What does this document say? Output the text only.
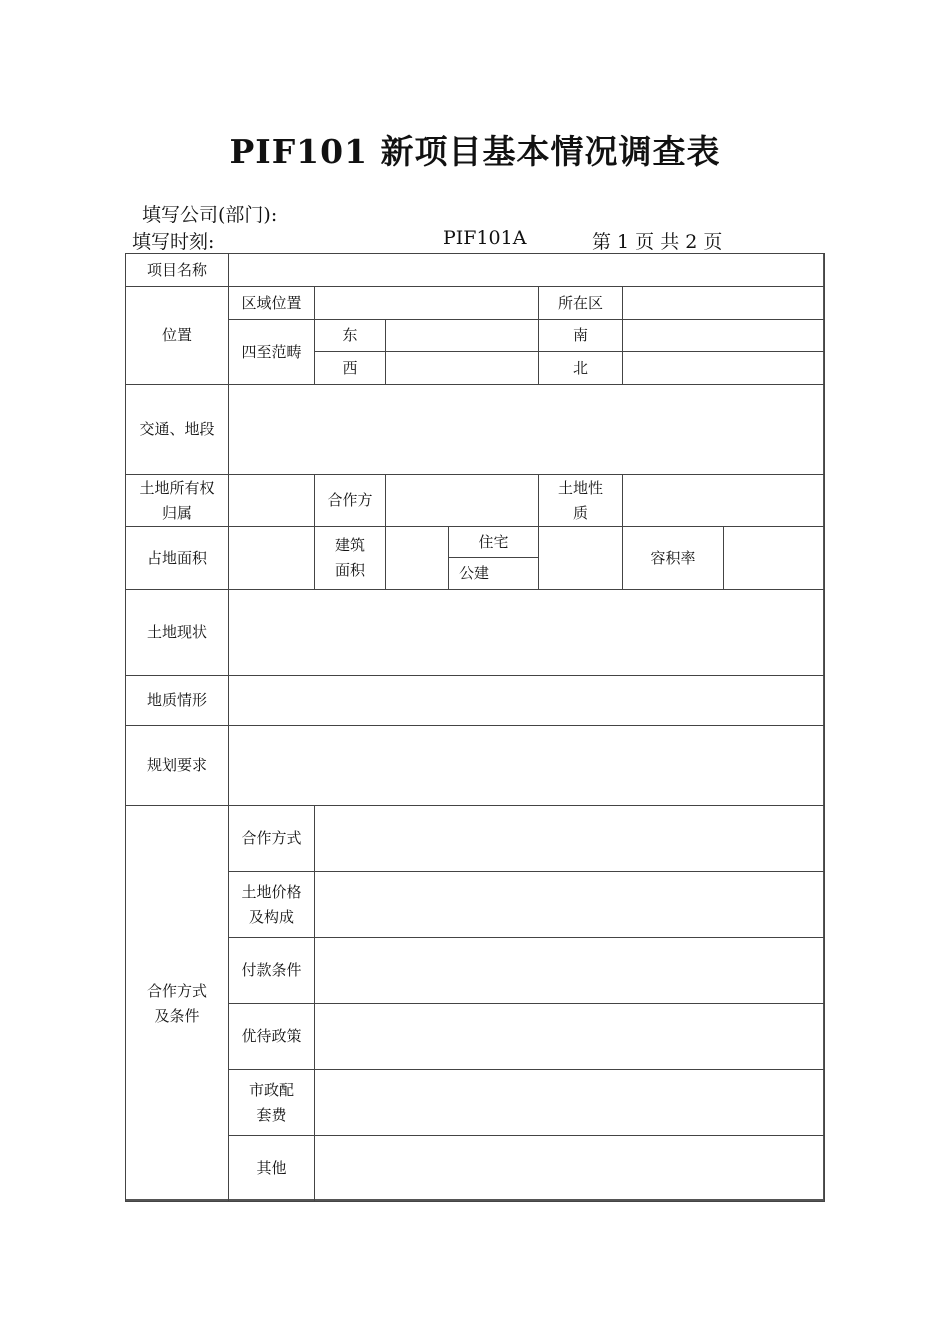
PIF101 新项目基本情况调查表
填写公司(部门):
填写时刻:	PIF101A	第 1 页 共 2 页
项目名称							
位置	区域位置				所在区		
	四至范畴	东			南		
		西			北		
交通、地段							
土地所有权归属		合作方			土地性质		
占地面积		建筑面积		住宅		容积率	
				公建			
土地现状							
地质情形							
规划要求							
合作方式及条件	合作方式						
	土地价格及构成						
	付款条件						
	优待政策						
	市政配套费						
	其他						
